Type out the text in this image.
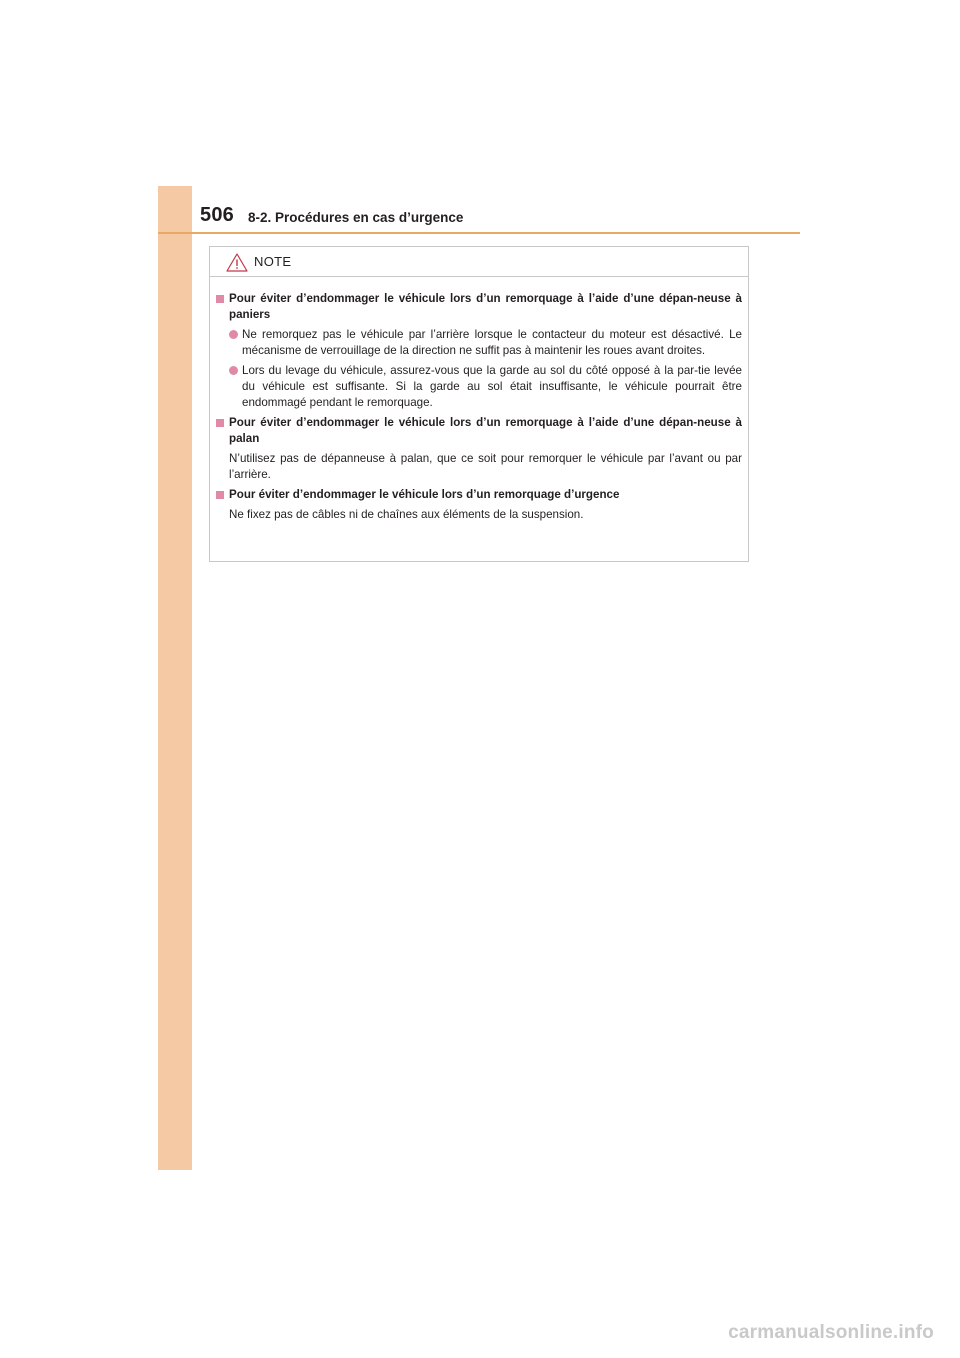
506 8-2. Procédures en cas d’urgence
NOTE
Pour éviter d’endommager le véhicule lors d’un remorquage à l’aide d’une dépan-neuse à paniers
Ne remorquez pas le véhicule par l’arrière lorsque le contacteur du moteur est désactivé. Le mécanisme de verrouillage de la direction ne suffit pas à maintenir les roues avant droites.
Lors du levage du véhicule, assurez-vous que la garde au sol du côté opposé à la par-tie levée du véhicule est suffisante. Si la garde au sol était insuffisante, le véhicule pourrait être endommagé pendant le remorquage.
Pour éviter d’endommager le véhicule lors d’un remorquage à l’aide d’une dépan-neuse à palan
N’utilisez pas de dépanneuse à palan, que ce soit pour remorquer le véhicule par l’avant ou par l’arrière.
Pour éviter d’endommager le véhicule lors d’un remorquage d’urgence
Ne fixez pas de câbles ni de chaînes aux éléments de la suspension.
carmanualsonline.info
